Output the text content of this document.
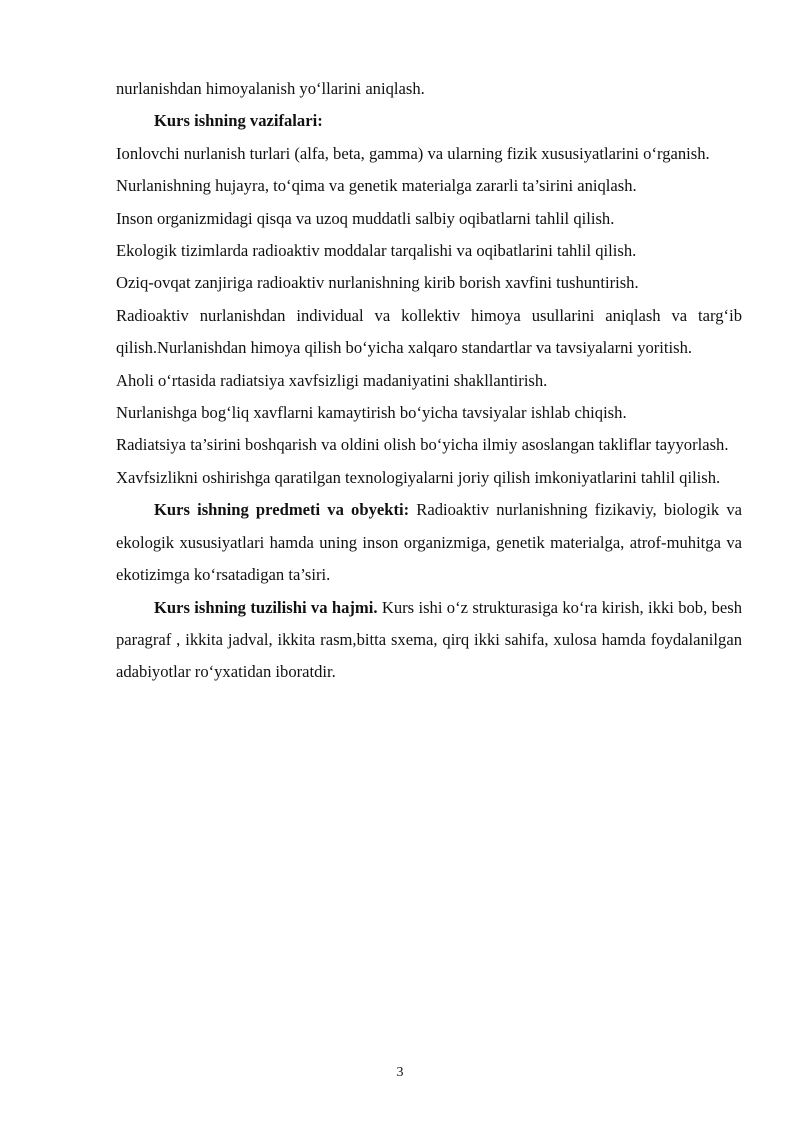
nurlanishdan himoyalanish yo‘llarini aniqlash.

Kurs ishning vazifalari:

Ionlovchi nurlanish turlari (alfa, beta, gamma) va ularning fizik xususiyatlarini o‘rganish.

Nurlanishning hujayra, to‘qima va genetik materialga zararli ta’sirini aniqlash.

Inson organizmidagi qisqa va uzoq muddatli salbiy oqibatlarni tahlil qilish.

Ekologik tizimlarda radioaktiv moddalar tarqalishi va oqibatlarini tahlil qilish.

Oziq-ovqat zanjiriga radioaktiv nurlanishning kirib borish xavfini tushuntirish.

Radioaktiv nurlanishdan individual va kollektiv himoya usullarini aniqlash va targ‘ib qilish.Nurlanishdan himoya qilish bo‘yicha xalqaro standartlar va tavsiyalarni yoritish.

Aholi o‘rtasida radiatsiya xavfsizligi madaniyatini shakllantirish.

Nurlanishga bog‘liq xavflarni kamaytirish bo‘yicha tavsiyalar ishlab chiqish.

Radiatsiya ta’sirini boshqarish va oldini olish bo‘yicha ilmiy asoslangan takliflar tayyorlash.

Xavfsizlikni oshirishga qaratilgan texnologiyalarni joriy qilish imkoniyatlarini tahlil qilish.

Kurs ishning predmeti va obyekti: Radioaktiv nurlanishning fizikaviy, biologik va ekologik xususiyatlari hamda uning inson organizmiga, genetik materialga, atrof-muhitga va ekotizimga ko‘rsatadigan ta’siri.

Kurs ishning tuzilishi va hajmi. Kurs ishi o‘z strukturasiga ko‘ra kirish, ikki bob, besh paragraf , ikkita jadval, ikkita rasm,bitta sxema, qirq ikki sahifa, xulosa hamda foydalanilgan adabiyotlar ro‘yxatidan iboratdir.

3
